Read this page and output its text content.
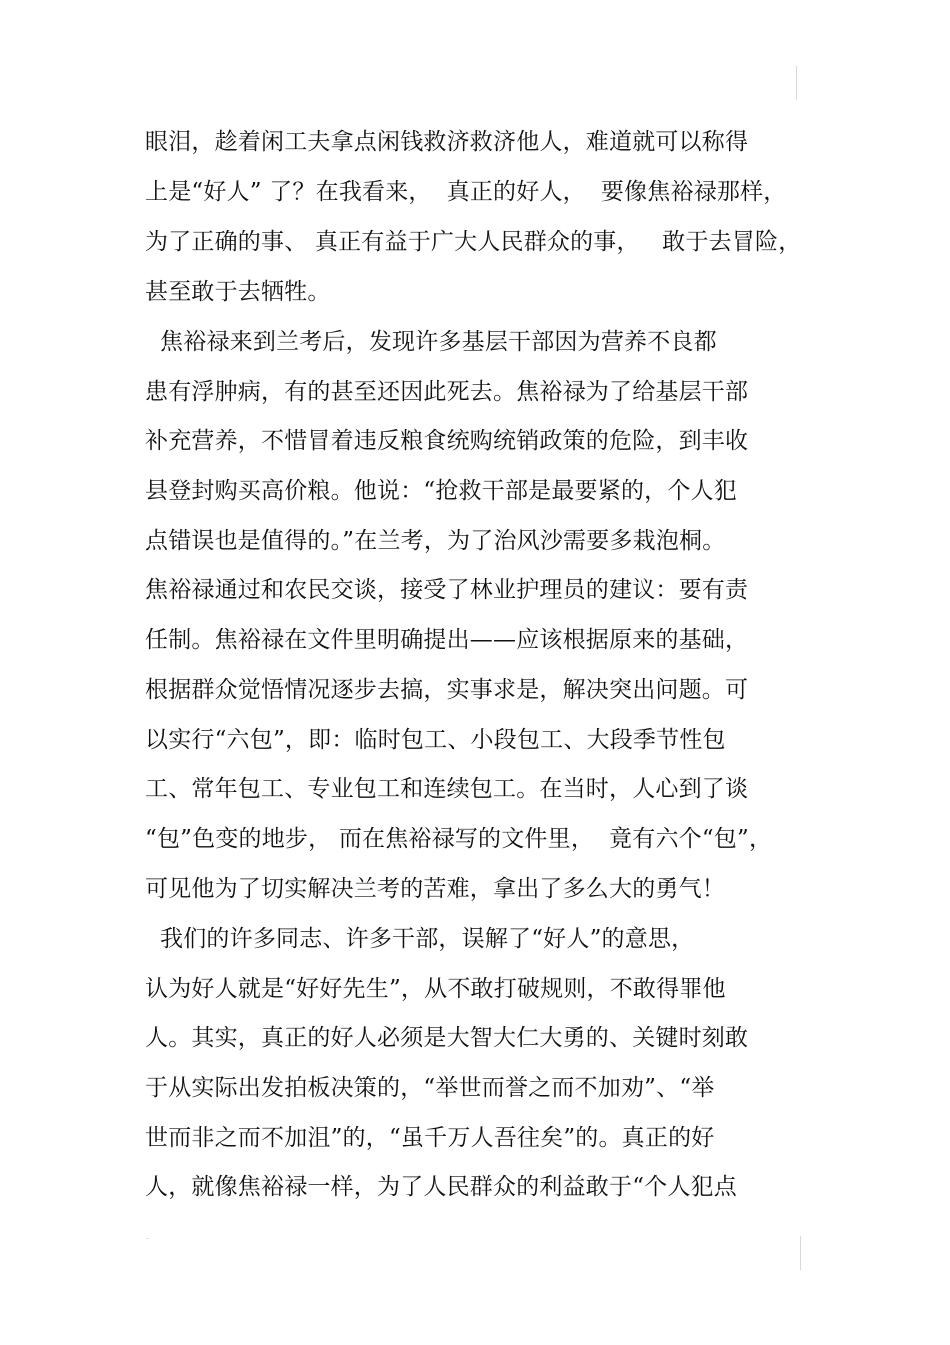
眼泪，趁着闲工夫拿点闲钱救济救济他人，难道就可以称得
上是“好人” 了？在我看来，  真正的好人，  要像焦裕禄那样，
为了正确的事、 真正有益于广大人民群众的事，   敢于去冒险，
甚至敢于去牺牲。
焦裕禄来到兰考后，发现许多基层干部因为营养不良都
患有浮肿病，有的甚至还因此死去。焦裕禄为了给基层干部
补充营养，不惜冒着违反粮食统购统销政策的危险，到丰收
县登封购买高价粮。他说：“抢救干部是最要紧的，个人犯
点错误也是值得的。”在兰考，为了治风沙需要多栽泡桐。
焦裕禄通过和农民交谈，接受了林业护理员的建议：要有责
任制。焦裕禄在文件里明确提出——应该根据原来的基础，
根据群众觉悟情况逐步去搞，实事求是，解决突出问题。可
以实行“六包”，即：临时包工、小段包工、大段季节性包
工、常年包工、专业包工和连续包工。在当时，人心到了谈
“包”色变的地步， 而在焦裕禄写的文件里，  竟有六个“包”，
可见他为了切实解决兰考的苦难，拿出了多么大的勇气！
我们的许多同志、许多干部，误解了“好人”的意思，
认为好人就是“好好先生”，从不敢打破规则，不敢得罪他
人。其实，真正的好人必须是大智大仁大勇的、关键时刻敢
于从实际出发拍板决策的，“举世而誉之而不加劝”、“举
世而非之而不加沮”的，“虽千万人吾往矣”的。真正的好
人，就像焦裕禄一样，为了人民群众的利益敢于“个人犯点
